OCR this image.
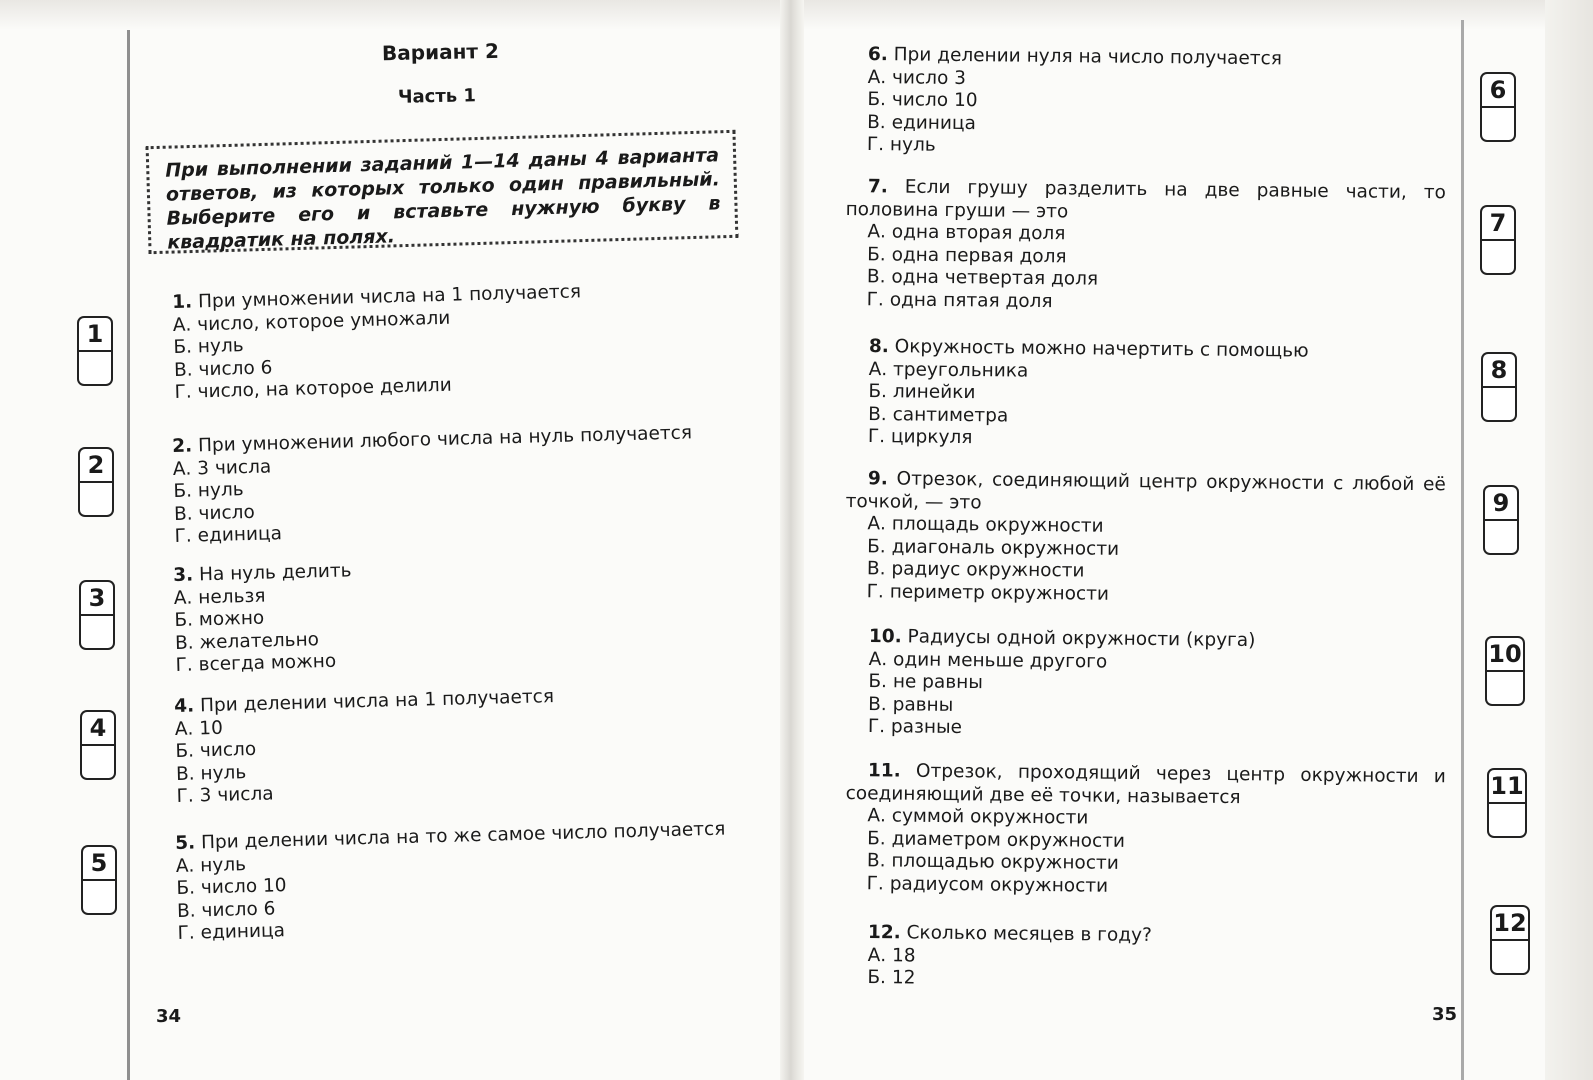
Вариант 2
Часть 1
При выполнении заданий 1—14 даны 4 варианта ответов, из которых только один правильный. Выберите его и вставьте нужную букву в квадратик на полях.
1. При умножении числа на 1 получается
А. число, которое умножали
Б. нуль
В. число 6
Г. число, на которое делили
2. При умножении любого числа на нуль получается
А. 3 числа
Б. нуль
В. число
Г. единица
3. На нуль делить
А. нельзя
Б. можно
В. желательно
Г. всегда можно
4. При делении числа на 1 получается
А. 10
Б. число
В. нуль
Г. 3 числа
5. При делении числа на то же самое число получается
А. нуль
Б. число 10
В. число 6
Г. единица
6. При делении нуля на число получается
А. число 3
Б. число 10
В. единица
Г. нуль
7. Если грушу разделить на две равные части, то половина груши — это
А. одна вторая доля
Б. одна первая доля
В. одна четвертая доля
Г. одна пятая доля
8. Окружность можно начертить с помощью
А. треугольника
Б. линейки
В. сантиметра
Г. циркуля
9. Отрезок, соединяющий центр окружности с любой её точкой, — это
А. площадь окружности
Б. диагональ окружности
В. радиус окружности
Г. периметр окружности
10. Радиусы одной окружности (круга)
А. один меньше другого
Б. не равны
В. равны
Г. разные
11. Отрезок, проходящий через центр окружности и соединяющий две её точки, называется
А. суммой окружности
Б. диаметром окружности
В. площадью окружности
Г. радиусом окружности
12. Сколько месяцев в году?
А. 18
Б. 12
1
2
3
4
5
6
7
8
9
10
11
12
34	35
